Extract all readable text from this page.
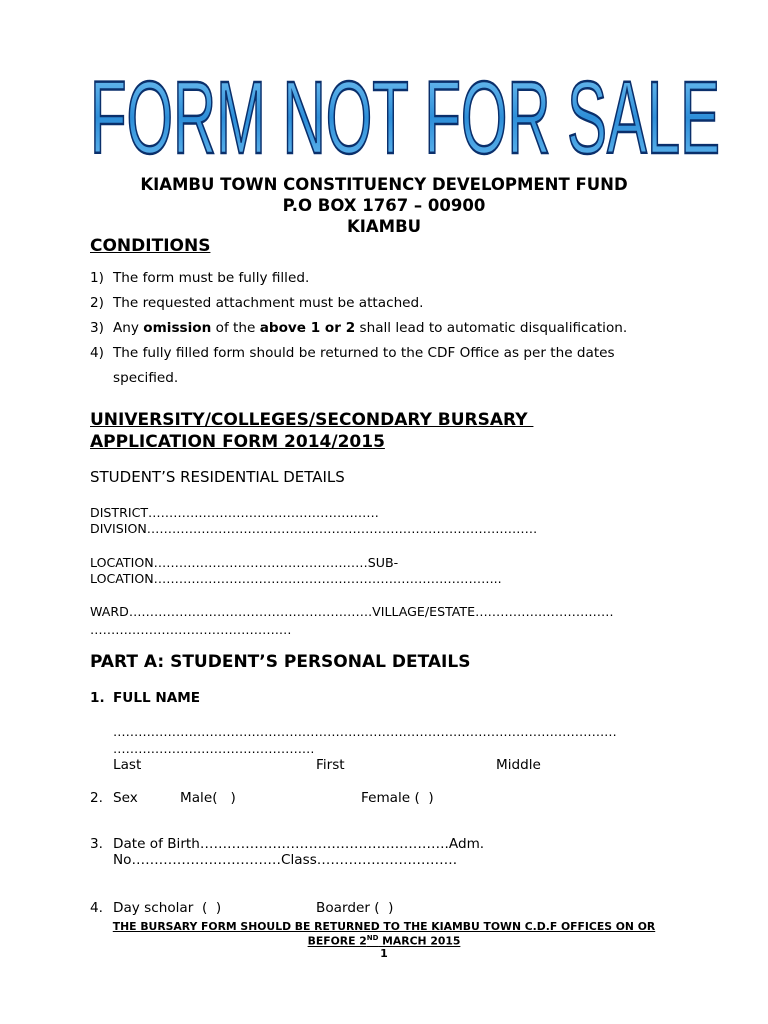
FORM NOT FOR SALE
KIAMBU TOWN CONSTITUENCY DEVELOPMENT FUND
P.O BOX 1767 – 00900
KIAMBU
CONDITIONS
1) The form must be fully filled.
2) The requested attachment must be attached.
3) Any omission of the above 1 or 2 shall lead to automatic disqualification.
4) The fully filled form should be returned to the CDF Office as per the dates
specified.
UNIVERSITY/COLLEGES/SECONDARY BURSARY
APPLICATION FORM 2014/2015
STUDENT’S RESIDENTIAL DETAILS
DISTRICT……………………………………………….
DIVISION…………………………………………………………………………………
LOCATION……………………………………………SUB-
LOCATION………………………………………………………………………..
WARD………………………………………………….VILLAGE/ESTATE……………………………
…………………………………………
PART A: STUDENT’S PERSONAL DETAILS
1. FULL NAME
…………………………………………………………………………………………………………
…………………………………………
Last	First	Middle
2. Sex	Male(   )	Female (  )
3. Date of Birth……………………………………………….Adm.
No……………………………Class………………………….
4. Day scholar  (  )	Boarder (  )
THE BURSARY FORM SHOULD BE RETURNED TO THE KIAMBU TOWN C.D.F OFFICES ON OR
BEFORE 2ND MARCH 2015
1
